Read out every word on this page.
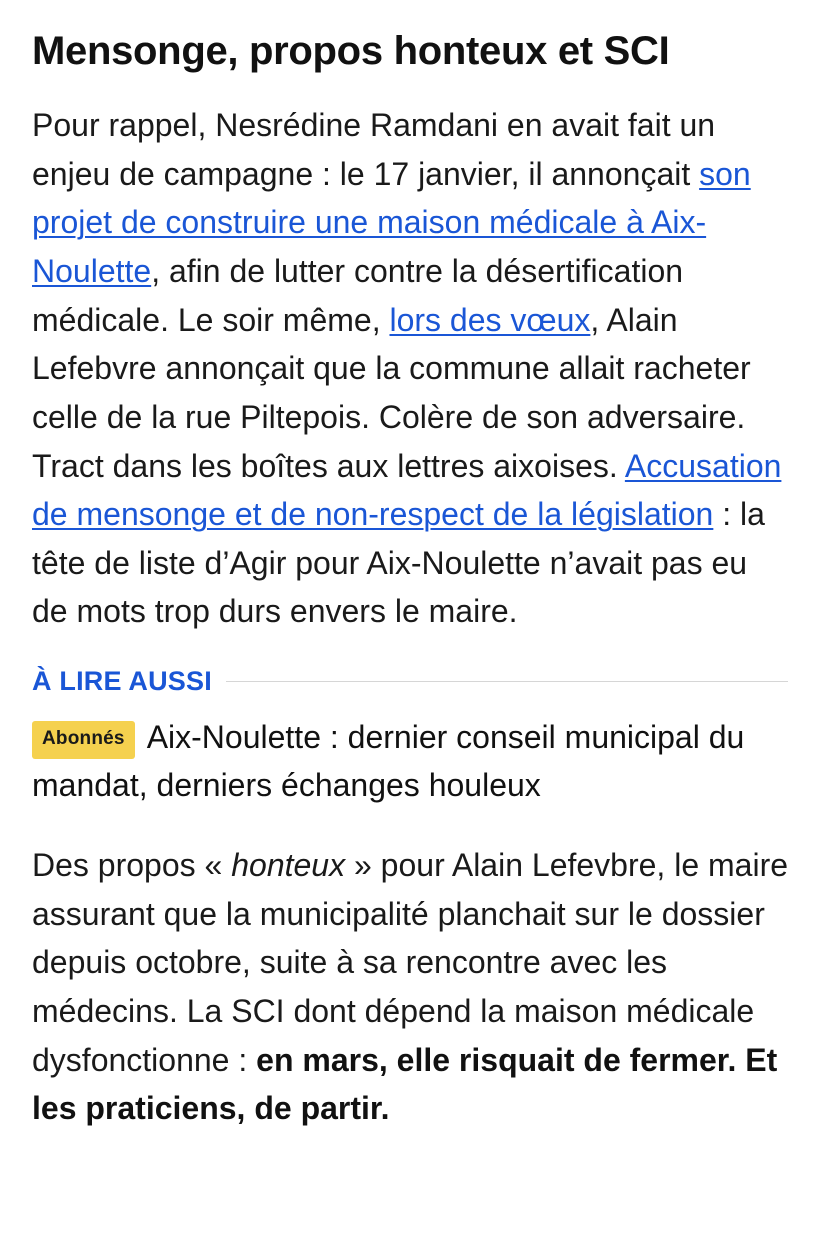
Mensonge, propos honteux et SCI

Pour rappel, Nesrédine Ramdani en avait fait un enjeu de campagne : le 17 janvier, il annonçait son projet de construire une maison médicale à Aix-Noulette, afin de lutter contre la désertification médicale. Le soir même, lors des vœux, Alain Lefebvre annonçait que la commune allait racheter celle de la rue Piltepois. Colère de son adversaire. Tract dans les boîtes aux lettres aixoises. Accusation de mensonge et de non-respect de la législation : la tête de liste d’Agir pour Aix-Noulette n’avait pas eu de mots trop durs envers le maire.

À LIRE AUSSI
Abonnés Aix-Noulette : dernier conseil municipal du mandat, derniers échanges houleux

Des propos « honteux » pour Alain Lefevbre, le maire assurant que la municipalité planchait sur le dossier depuis octobre, suite à sa rencontre avec les médecins. La SCI dont dépend la maison médicale dysfonctionne : en mars, elle risquait de fermer. Et les praticiens, de partir.
